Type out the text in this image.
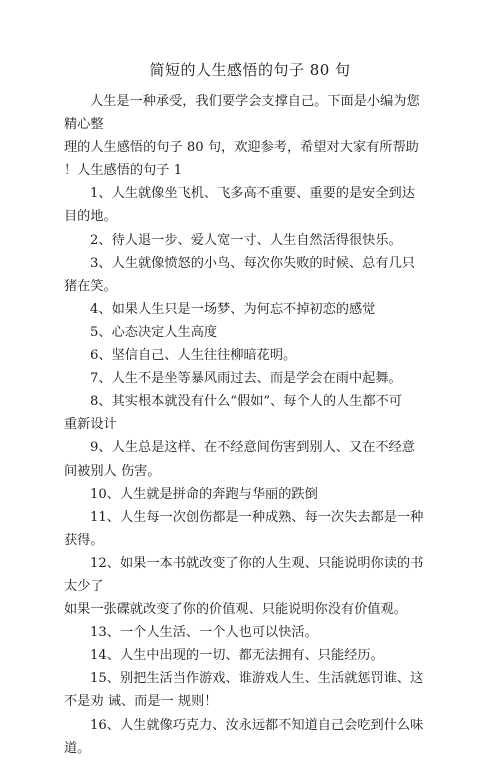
简短的人生感悟的句子 80 句

人生是一种承受，我们要学会支撑自己。下面是小编为您

精心整

理的人生感悟的句子 80 句，欢迎参考，希望对大家有所帮助

！人生感悟的句子 1

1、人生就像坐飞机、飞多高不重要、重要的是安全到达

目的地。

2、待人退一步、爱人宽一寸、人生自然活得很快乐。

3、人生就像愤怒的小鸟、每次你失败的时候、总有几只

猪在笑。

4、如果人生只是一场梦、为何忘不掉初恋的感觉

5、心态决定人生高度

6、坚信自己、人生往往柳暗花明。

7、人生不是坐等暴风雨过去、而是学会在雨中起舞。

8、其实根本就没有什么“假如”、每个人的人生都不可

重新设计

9、人生总是这样、在不经意间伤害到别人、又在不经意

间被别人 伤害。

10、人生就是拼命的奔跑与华丽的跌倒

11、人生每一次创伤都是一种成熟、每一次失去都是一种

获得。

12、如果一本书就改变了你的人生观、只能说明你读的书

太少了

如果一张碟就改变了你的价值观、只能说明你没有价值观。

13、一个人生活、一个人也可以快活。

14、人生中出现的一切、都无法拥有、只能经历。

15、别把生活当作游戏、谁游戏人生、生活就惩罚谁、这

不是劝 诫、而是一 规则！

16、人生就像巧克力、汝永远都不知道自己会吃到什么味

道。
